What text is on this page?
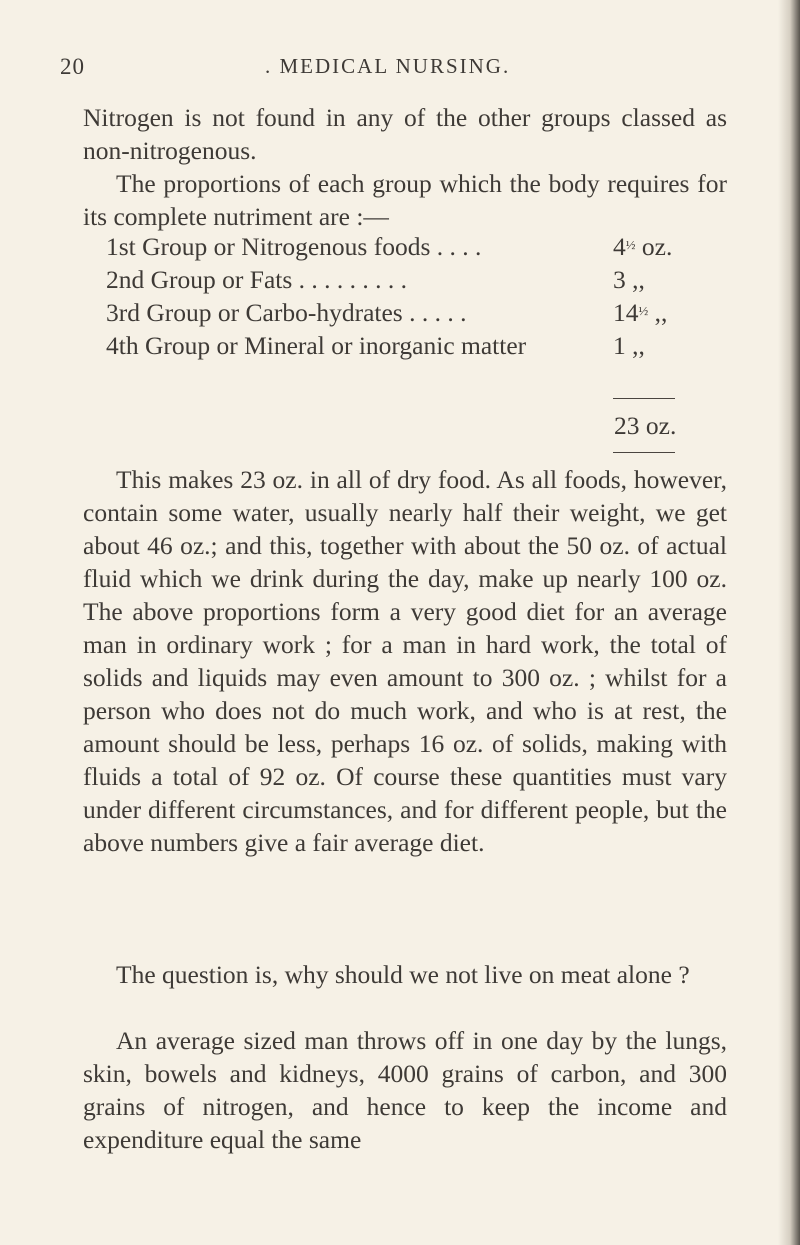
20	. MEDICAL NURSING.

Nitrogen is not found in any of the other groups classed as non-nitrogenous.

The proportions of each group which the body requires for its complete nutriment are :—

1st Group or Nitrogenous foods . . . .	4½ oz.
2nd Group or Fats . . . . . . . . .	3 ,,
3rd Group or Carbo-hydrates . . . . .	14½ ,,
4th Group or Mineral or inorganic matter	1 ,,
23 oz.

This makes 23 oz. in all of dry food. As all foods, however, contain some water, usually nearly half their weight, we get about 46 oz.; and this, together with about the 50 oz. of actual fluid which we drink during the day, make up nearly 100 oz. The above proportions form a very good diet for an average man in ordinary work ; for a man in hard work, the total of solids and liquids may even amount to 300 oz. ; whilst for a person who does not do much work, and who is at rest, the amount should be less, perhaps 16 oz. of solids, making with fluids a total of 92 oz. Of course these quantities must vary under different circumstances, and for different people, but the above numbers give a fair average diet.

The question is, why should we not live on meat alone ?

An average sized man throws off in one day by the lungs, skin, bowels and kidneys, 4000 grains of carbon, and 300 grains of nitrogen, and hence to keep the income and expenditure equal the same
